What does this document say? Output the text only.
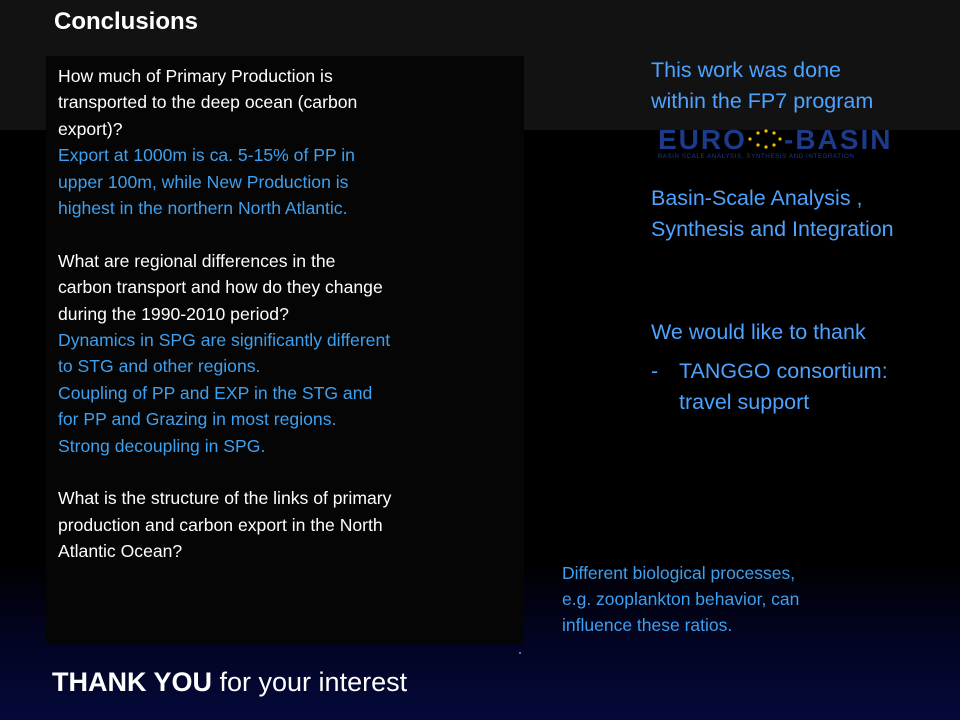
Conclusions

How much of Primary Production is

transported to the deep ocean (carbon

export)?

Export at 1000m is ca. 5-15% of PP in

upper 100m, while New Production is

highest in the northern North Atlantic.

What are regional differences in the

carbon transport and how do they change

during the 1990-2010 period?

Dynamics in SPG are significantly different

to STG and other regions.

Coupling of PP and EXP in the STG and

for PP and Grazing in most regions.

Strong decoupling in SPG.

What is the structure of the links of primary

production and carbon export in the North

Atlantic Ocean?

This work was done
within the FP7 program
EURO -BASIN
BASIN SCALE ANALYSIS, SYNTHESIS AND INTEGRATION
Basin-Scale Analysis ,
Synthesis and Integration
We would like to thank
- TANGGO consortium:
travel support
Different biological processes,
e.g. zooplankton behavior, can
influence these ratios.
THANK YOU for your interest
